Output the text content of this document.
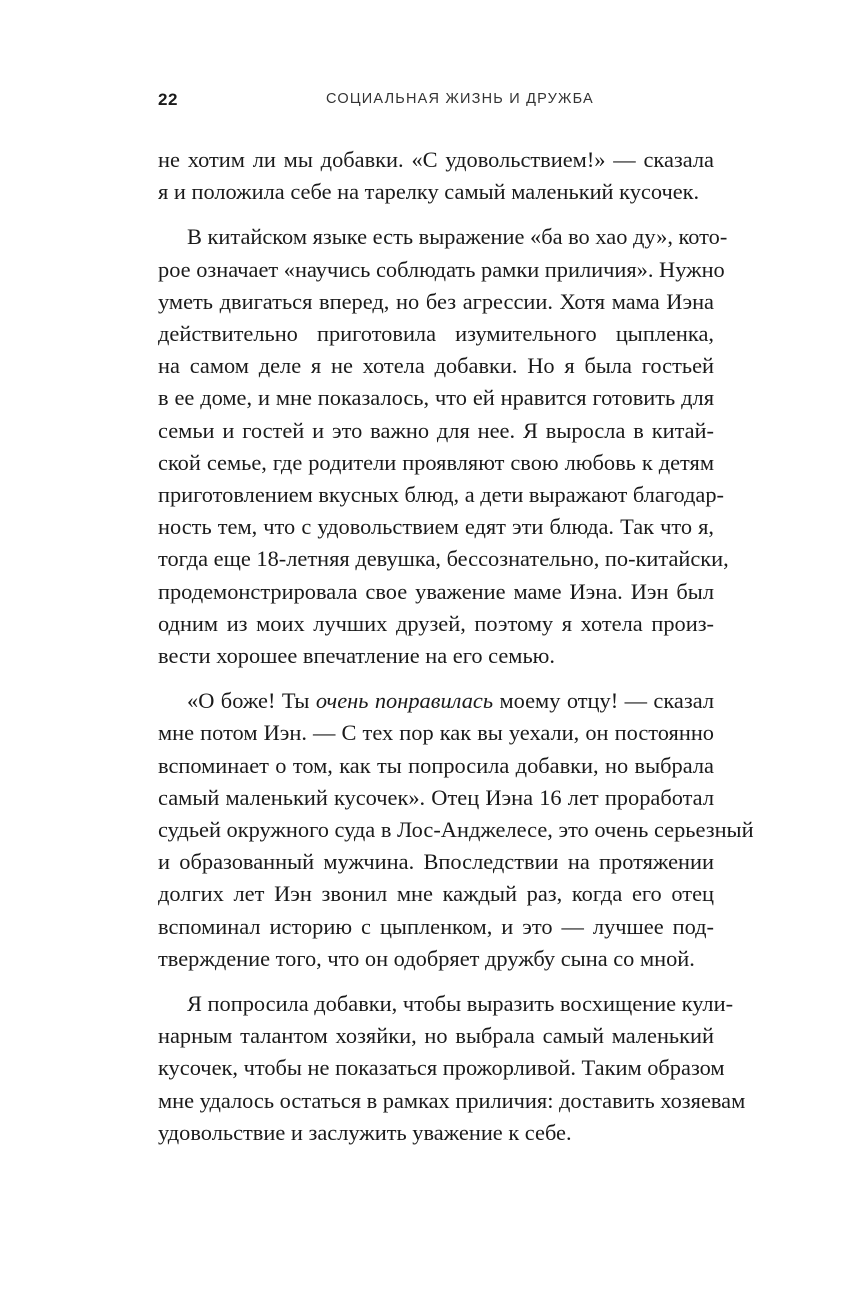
22	СОЦИАЛЬНАЯ ЖИЗНЬ И ДРУЖБА

не хотим ли мы добавки. «С удовольствием!» — сказала
я и положила себе на тарелку самый маленький кусочек.

В китайском языке есть выражение «ба во хао ду», кото-
рое означает «научись соблюдать рамки приличия». Нужно
уметь двигаться вперед, но без агрессии. Хотя мама Иэна
действительно приготовила изумительного цыпленка,
на самом деле я не хотела добавки. Но я была гостьей
в ее доме, и мне показалось, что ей нравится готовить для
семьи и гостей и это важно для нее. Я выросла в китай-
ской семье, где родители проявляют свою любовь к детям
приготовлением вкусных блюд, а дети выражают благодар-
ность тем, что с удовольствием едят эти блюда. Так что я,
тогда еще 18-летняя девушка, бессознательно, по-китайски,
продемонстрировала свое уважение маме Иэна. Иэн был
одним из моих лучших друзей, поэтому я хотела произ-
вести хорошее впечатление на его семью.

«О боже! Ты очень понравилась моему отцу! — сказал
мне потом Иэн. — С тех пор как вы уехали, он постоянно
вспоминает о том, как ты попросила добавки, но выбрала
самый маленький кусочек». Отец Иэна 16 лет проработал
судьей окружного суда в Лос-Анджелесе, это очень серьезный
и образованный мужчина. Впоследствии на протяжении
долгих лет Иэн звонил мне каждый раз, когда его отец
вспоминал историю с цыпленком, и это — лучшее под-
тверждение того, что он одобряет дружбу сына со мной.

Я попросила добавки, чтобы выразить восхищение кули-
нарным талантом хозяйки, но выбрала самый маленький
кусочек, чтобы не показаться прожорливой. Таким образом
мне удалось остаться в рамках приличия: доставить хозяевам
удовольствие и заслужить уважение к себе.
